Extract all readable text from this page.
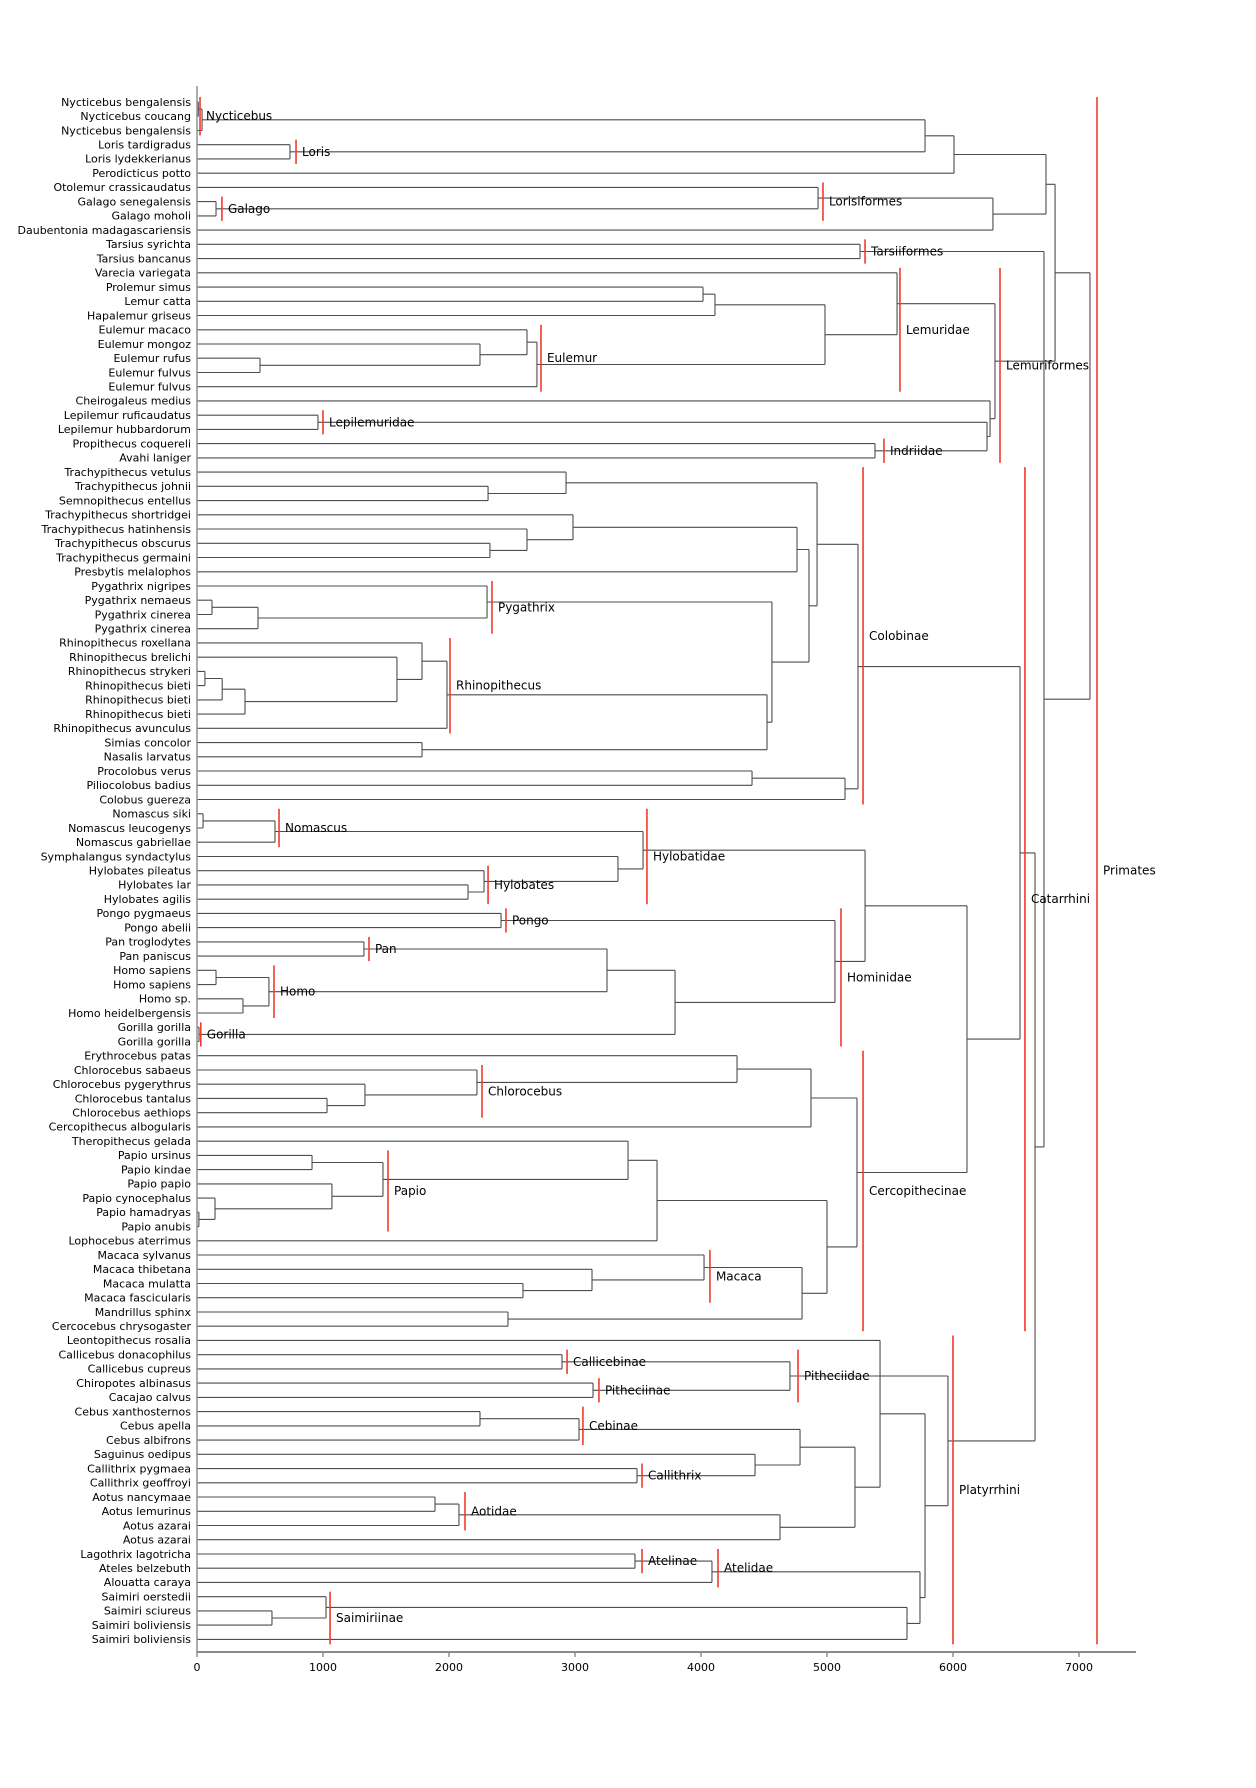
0	1000	2000	3000	4000	5000	6000	7000
Nycticebus bengalensis
Nycticebus coucang
Nycticebus bengalensis
Loris tardigradus
Loris lydekkerianus
Perodicticus potto
Otolemur crassicaudatus
Galago senegalensis
Galago moholi
Daubentonia madagascariensis
Tarsius syrichta
Tarsius bancanus
Varecia variegata
Prolemur simus
Lemur catta
Hapalemur griseus
Eulemur macaco
Eulemur mongoz
Eulemur rufus
Eulemur fulvus
Eulemur fulvus
Cheirogaleus medius
Lepilemur ruficaudatus
Lepilemur hubbardorum
Propithecus coquereli
Avahi laniger
Trachypithecus vetulus
Trachypithecus johnii
Semnopithecus entellus
Trachypithecus shortridgei
Trachypithecus hatinhensis
Trachypithecus obscurus
Trachypithecus germaini
Presbytis melalophos
Pygathrix nigripes
Pygathrix nemaeus
Pygathrix cinerea
Pygathrix cinerea
Rhinopithecus roxellana
Rhinopithecus brelichi
Rhinopithecus strykeri
Rhinopithecus bieti
Rhinopithecus bieti
Rhinopithecus bieti
Rhinopithecus avunculus
Simias concolor
Nasalis larvatus
Procolobus verus
Piliocolobus badius
Colobus guereza
Nomascus siki
Nomascus leucogenys
Nomascus gabriellae
Symphalangus syndactylus
Hylobates pileatus
Hylobates lar
Hylobates agilis
Pongo pygmaeus
Pongo abelii
Pan troglodytes
Pan paniscus
Homo sapiens
Homo sapiens
Homo sp.
Homo heidelbergensis
Gorilla gorilla
Gorilla gorilla
Erythrocebus patas
Chlorocebus sabaeus
Chlorocebus pygerythrus
Chlorocebus tantalus
Chlorocebus aethiops
Cercopithecus albogularis
Theropithecus gelada
Papio ursinus
Papio kindae
Papio papio
Papio cynocephalus
Papio hamadryas
Papio anubis
Lophocebus aterrimus
Macaca sylvanus
Macaca thibetana
Macaca mulatta
Macaca fascicularis
Mandrillus sphinx
Cercocebus chrysogaster
Leontopithecus rosalia
Callicebus donacophilus
Callicebus cupreus
Chiropotes albinasus
Cacajao calvus
Cebus xanthosternos
Cebus apella
Cebus albifrons
Saguinus oedipus
Callithrix pygmaea
Callithrix geoffroyi
Aotus nancymaae
Aotus lemurinus
Aotus azarai
Aotus azarai
Lagothrix lagotricha
Ateles belzebuth
Alouatta caraya
Saimiri oerstedii
Saimiri sciureus
Saimiri boliviensis
Saimiri boliviensis
Nycticebus
Loris
Galago
Lorisiformes
Tarsiiformes
Lemuridae
Eulemur
Lemuriformes
Lepilemuridae
Indriidae
Pygathrix
Rhinopithecus
Colobinae
Nomascus
Hylobatidae
Hylobates
Pongo
Pan
Homo
Gorilla
Hominidae
Chlorocebus
Papio	Cercopithecinae
Macaca
Catarrhini
Primates
Callicebinae
Pitheciinae
Pitheciidae
Cebinae
Callithrix
Aotidae
Atelinae
Atelidae
Platyrrhini
Saimiriinae
